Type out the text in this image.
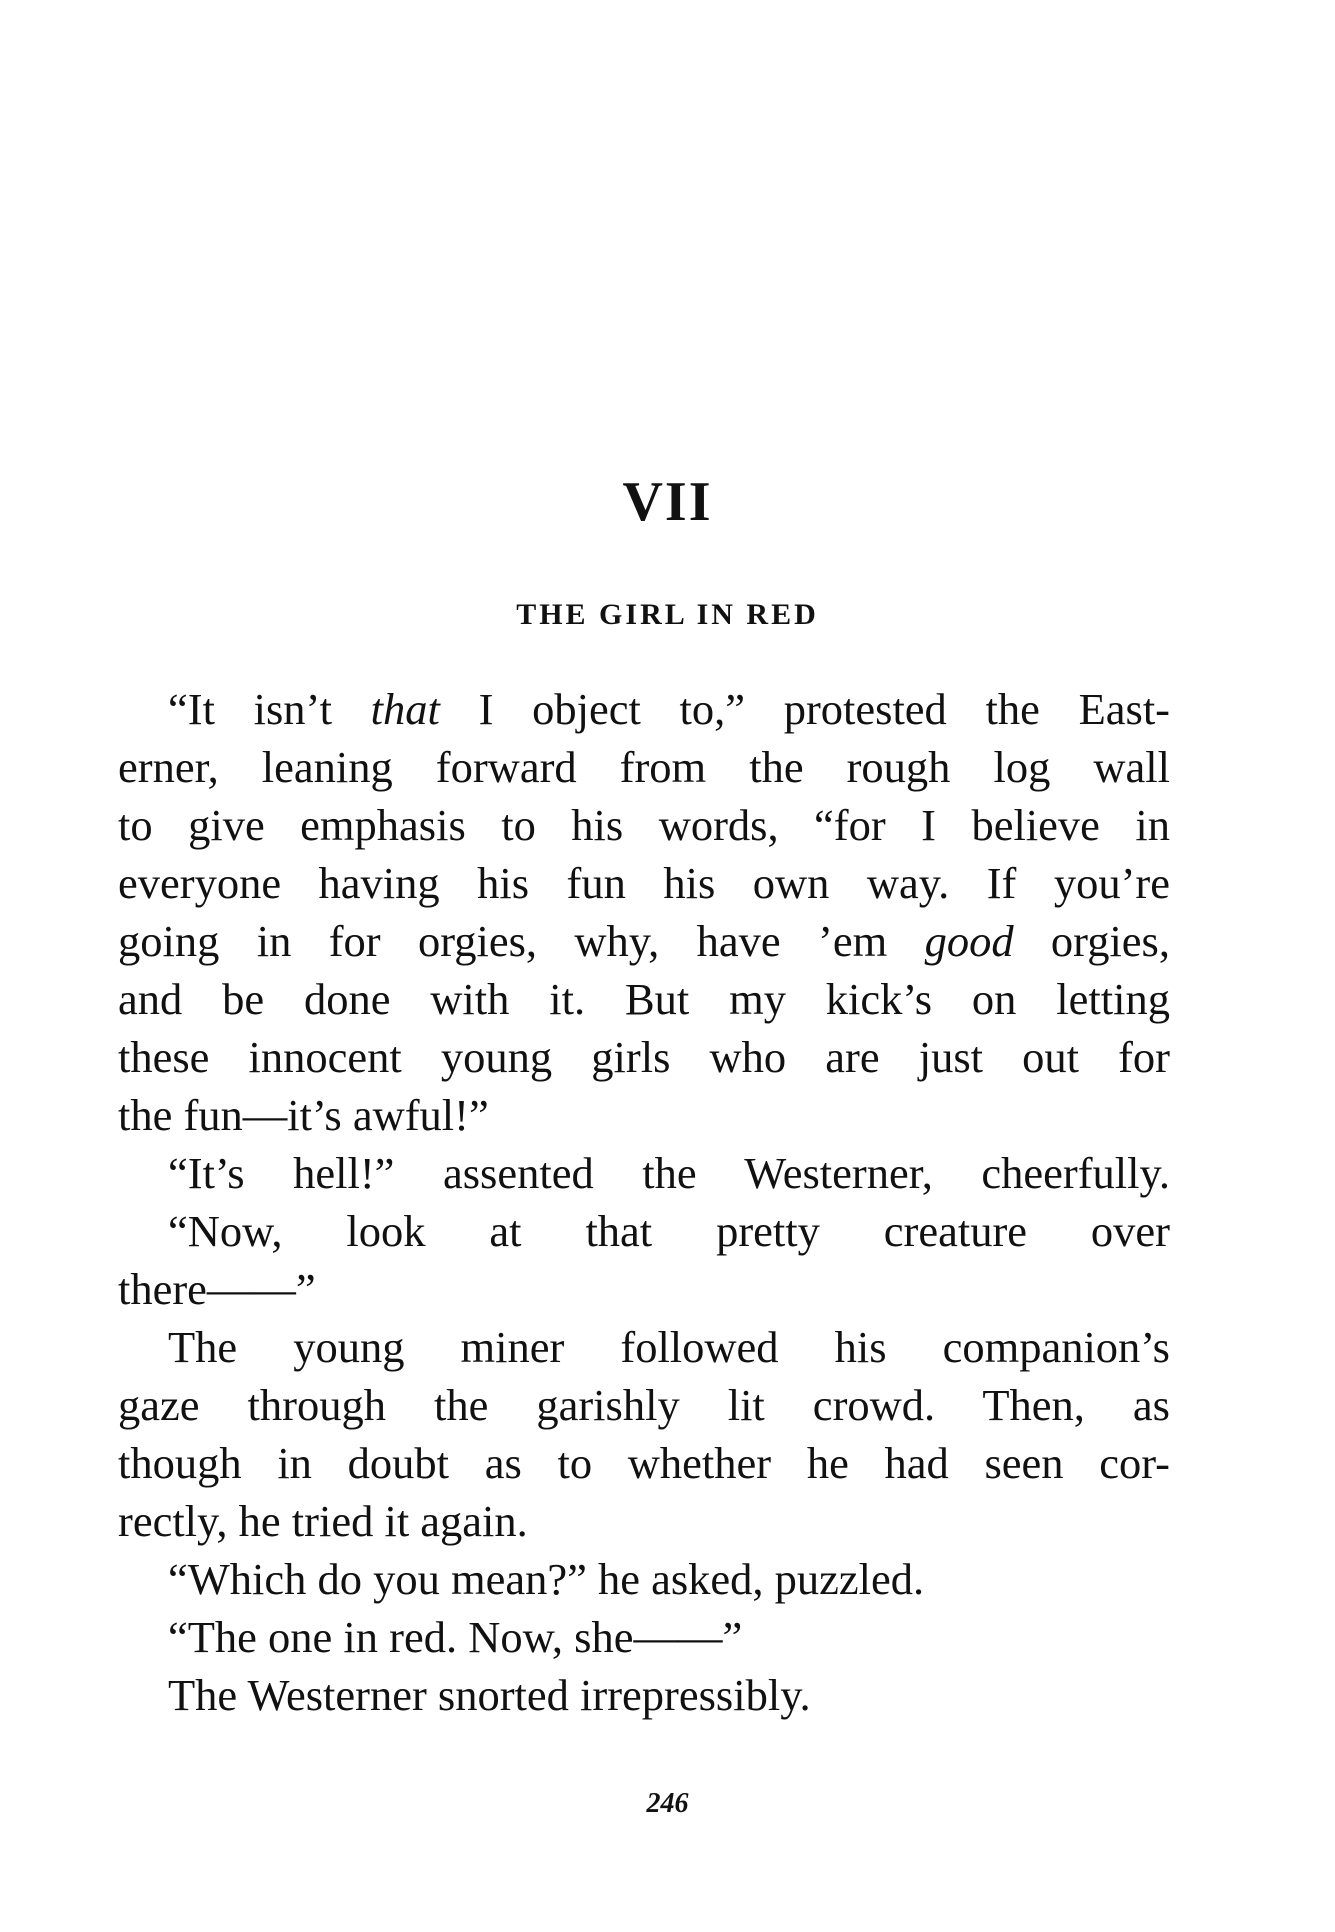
VII
THE GIRL IN RED
“It isn’t that I object to,” protested the East-
erner, leaning forward from the rough log wall
to give emphasis to his words, “for I believe in
everyone having his fun his own way. If you’re
going in for orgies, why, have ’em good orgies,
and be done with it. But my kick’s on letting
these innocent young girls who are just out for
the fun—it’s awful!”
“It’s hell!” assented the Westerner, cheerfully.
“Now, look at that pretty creature over
there——”
The young miner followed his companion’s
gaze through the garishly lit crowd. Then, as
though in doubt as to whether he had seen cor-
rectly, he tried it again.
“Which do you mean?” he asked, puzzled.
“The one in red. Now, she——”
The Westerner snorted irrepressibly.
246
